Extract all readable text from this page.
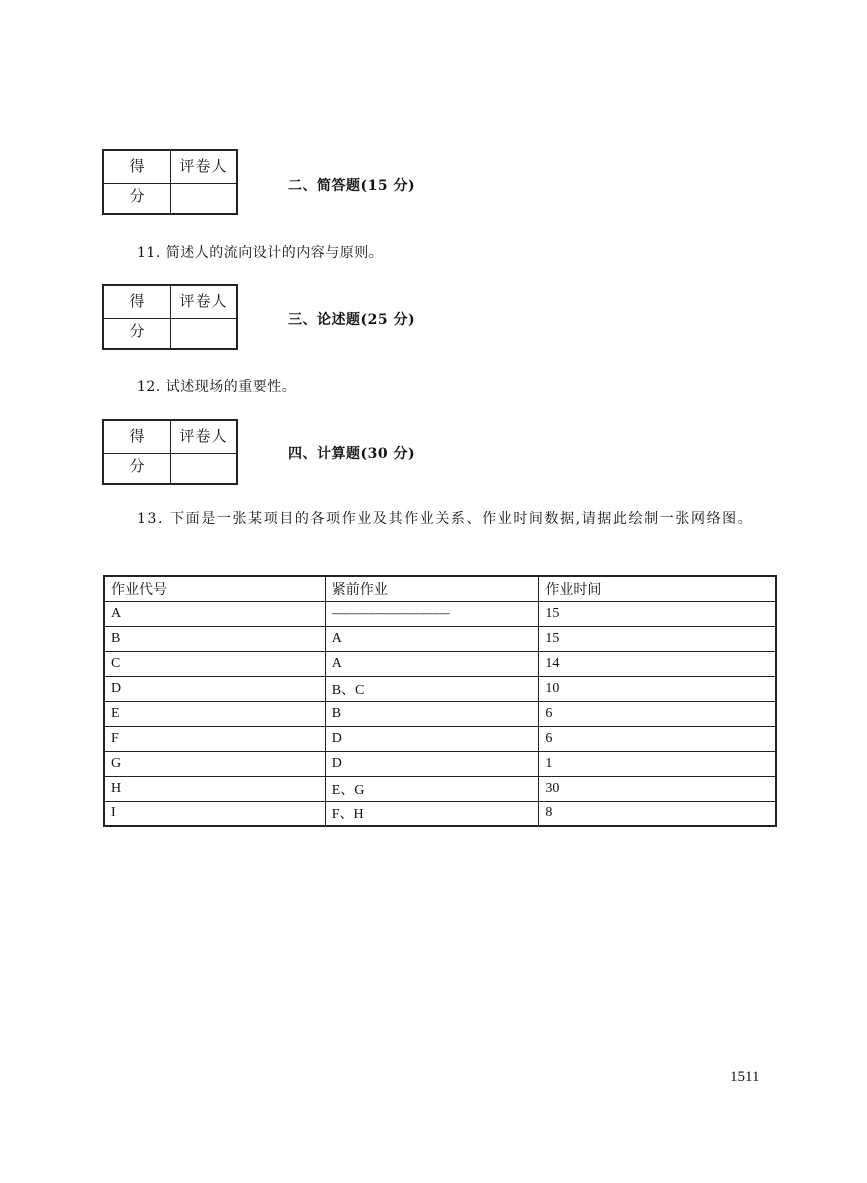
得 分
评卷人
二、简答题(15 分)
11. 简述人的流向设计的内容与原则。
得 分
评卷人
三、论述题(25 分)
12. 试述现场的重要性。
得 分
评卷人
四、计算题(30 分)
13. 下面是一张某项目的各项作业及其作业关系、作业时间数据,请据此绘制一张网络图。
作业代号	紧前作业	作业时间
A	—————————	15
B	A	15
C	A	14
D	B、C	10
E	B	6
F	D	6
G	D	1
H	E、G	30
I	F、H	8
1511
